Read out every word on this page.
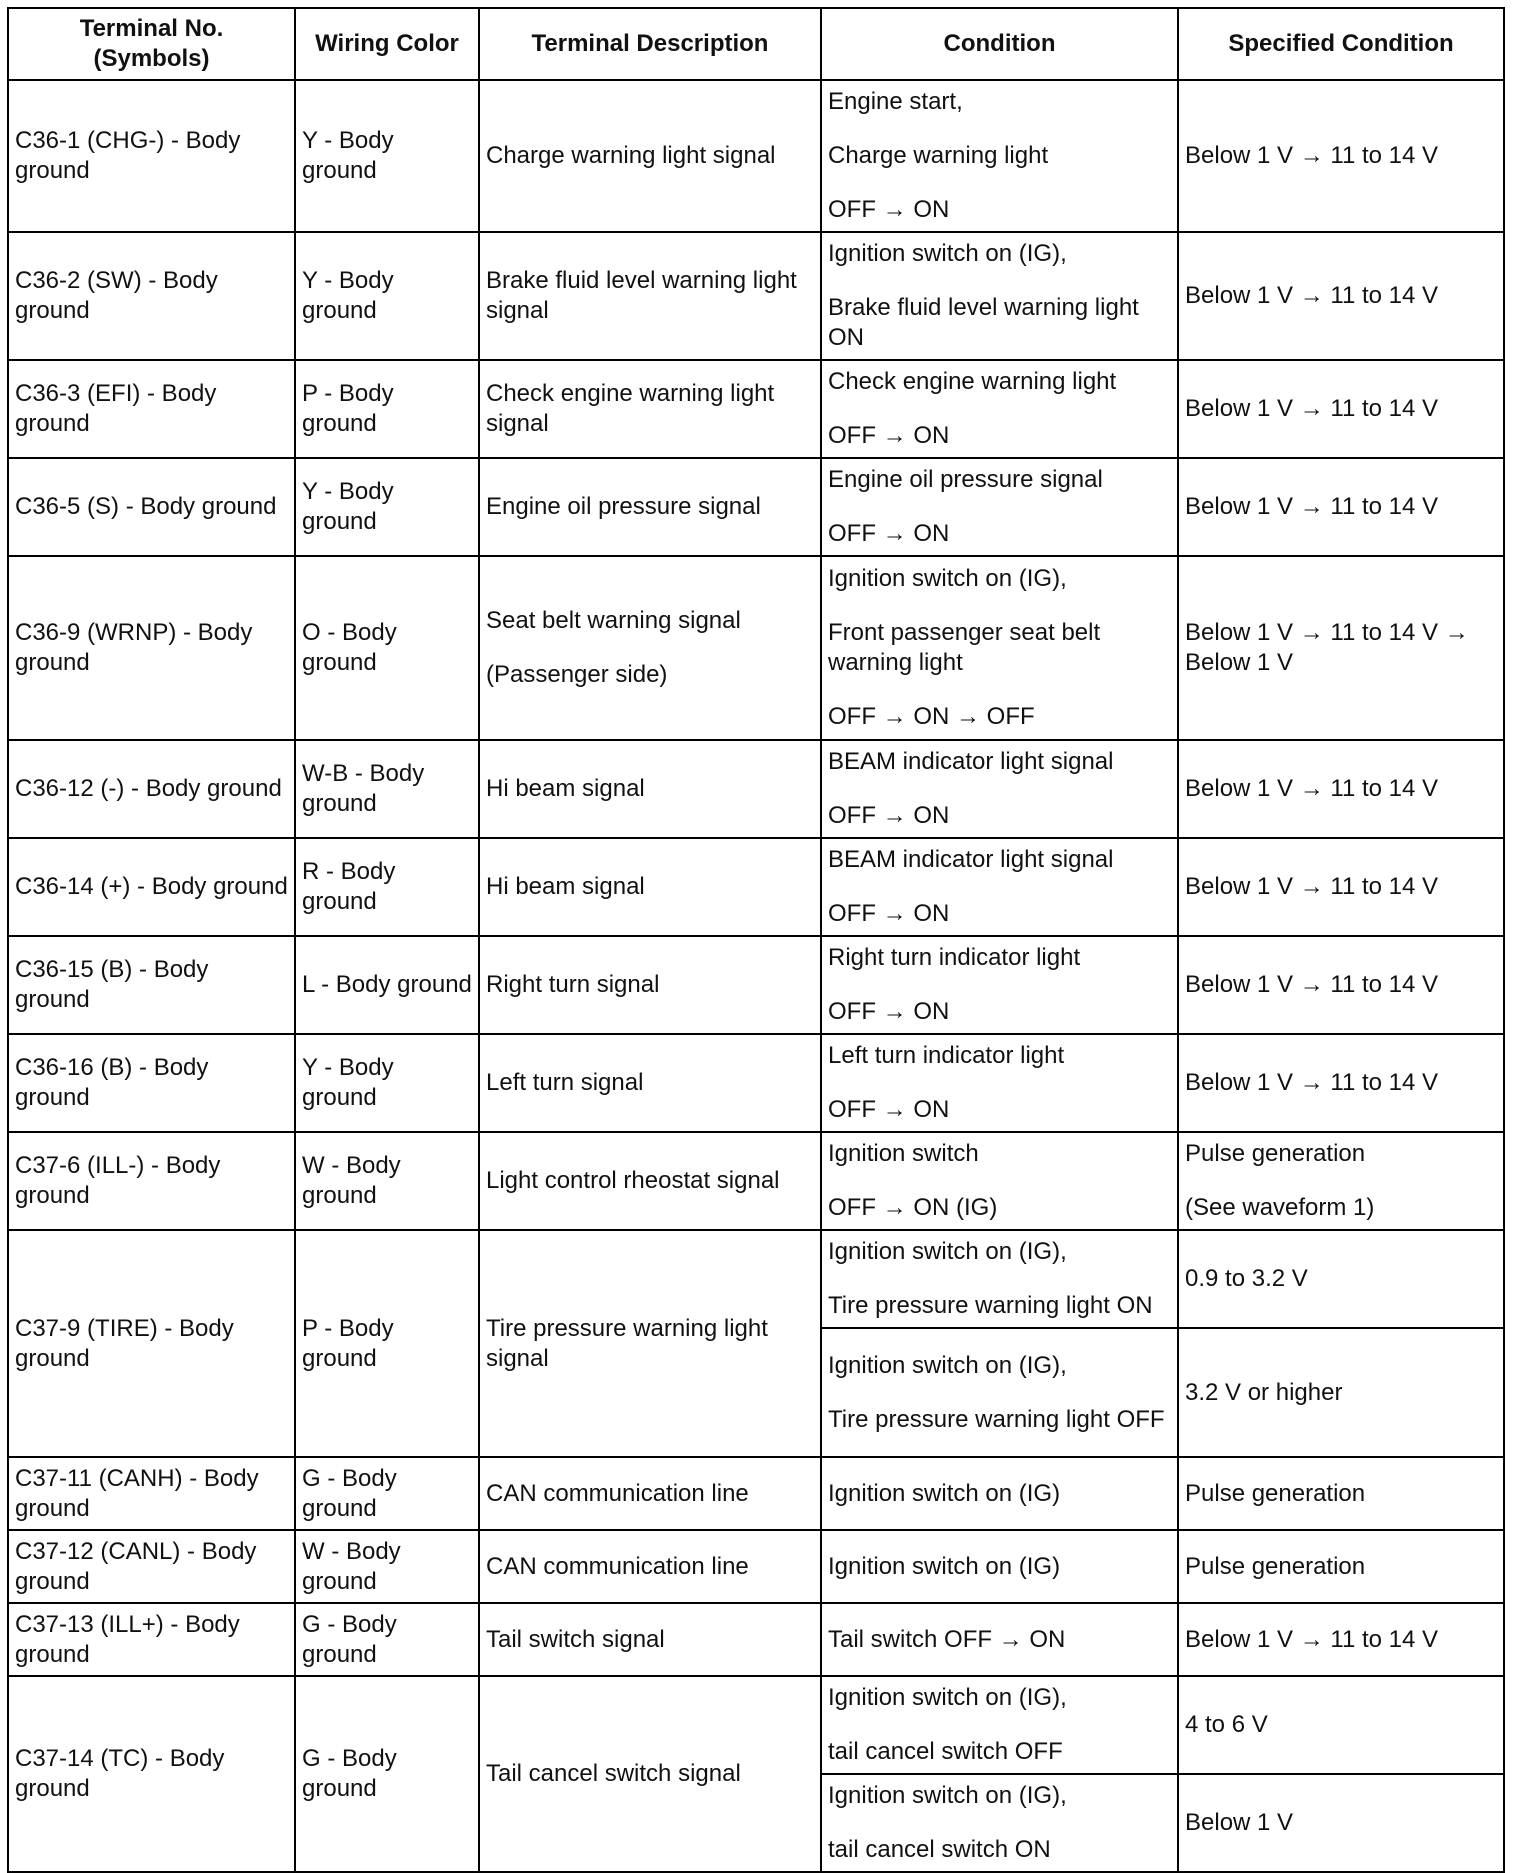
Terminal No.
(Symbols)	Wiring Color	Terminal Description	Condition	Specified Condition
C36-1 (CHG-) - Body ground	Y - Body ground	Charge warning light signal	Engine start,
Charge warning light
OFF → ON	Below 1 V → 11 to 14 V

C36-2 (SW) - Body ground	Y - Body ground	Brake fluid level warning light signal	Ignition switch on (IG),
Brake fluid level warning light ON	Below 1 V → 11 to 14 V

C36-3 (EFI) - Body ground	P - Body ground	Check engine warning light signal	Check engine warning light
OFF → ON	Below 1 V → 11 to 14 V

C36-5 (S) - Body ground	Y - Body ground	Engine oil pressure signal	Engine oil pressure signal
OFF → ON	Below 1 V → 11 to 14 V

C36-9 (WRNP) - Body ground	O - Body ground	Seat belt warning signal
(Passenger side)	Ignition switch on (IG),
Front passenger seat belt warning light
OFF → ON → OFF	Below 1 V → 11 to 14 V → Below 1 V

C36-12 (-) - Body ground	W-B - Body ground	Hi beam signal	BEAM indicator light signal
OFF → ON	Below 1 V → 11 to 14 V

C36-14 (+) - Body ground	R - Body ground	Hi beam signal	BEAM indicator light signal
OFF → ON	Below 1 V → 11 to 14 V

C36-15 (B) - Body ground	L - Body ground	Right turn signal	Right turn indicator light
OFF → ON	Below 1 V → 11 to 14 V

C36-16 (B) - Body ground	Y - Body ground	Left turn signal	Left turn indicator light
OFF → ON	Below 1 V → 11 to 14 V

C37-6 (ILL-) - Body ground	W - Body ground	Light control rheostat signal	Ignition switch
OFF → ON (IG)	Pulse generation
(See waveform 1)

C37-9 (TIRE) - Body ground	P - Body ground	Tire pressure warning light signal	Ignition switch on (IG),
Tire pressure warning light ON	0.9 to 3.2 V

			Ignition switch on (IG),
Tire pressure warning light OFF	3.2 V or higher

C37-11 (CANH) - Body ground	G - Body ground	CAN communication line	Ignition switch on (IG)	Pulse generation

C37-12 (CANL) - Body ground	W - Body ground	CAN communication line	Ignition switch on (IG)	Pulse generation

C37-13 (ILL+) - Body ground	G - Body ground	Tail switch signal	Tail switch OFF → ON	Below 1 V → 11 to 14 V

C37-14 (TC) - Body ground	G - Body ground	Tail cancel switch signal	Ignition switch on (IG),
tail cancel switch OFF	4 to 6 V

			Ignition switch on (IG),
tail cancel switch ON	Below 1 V
